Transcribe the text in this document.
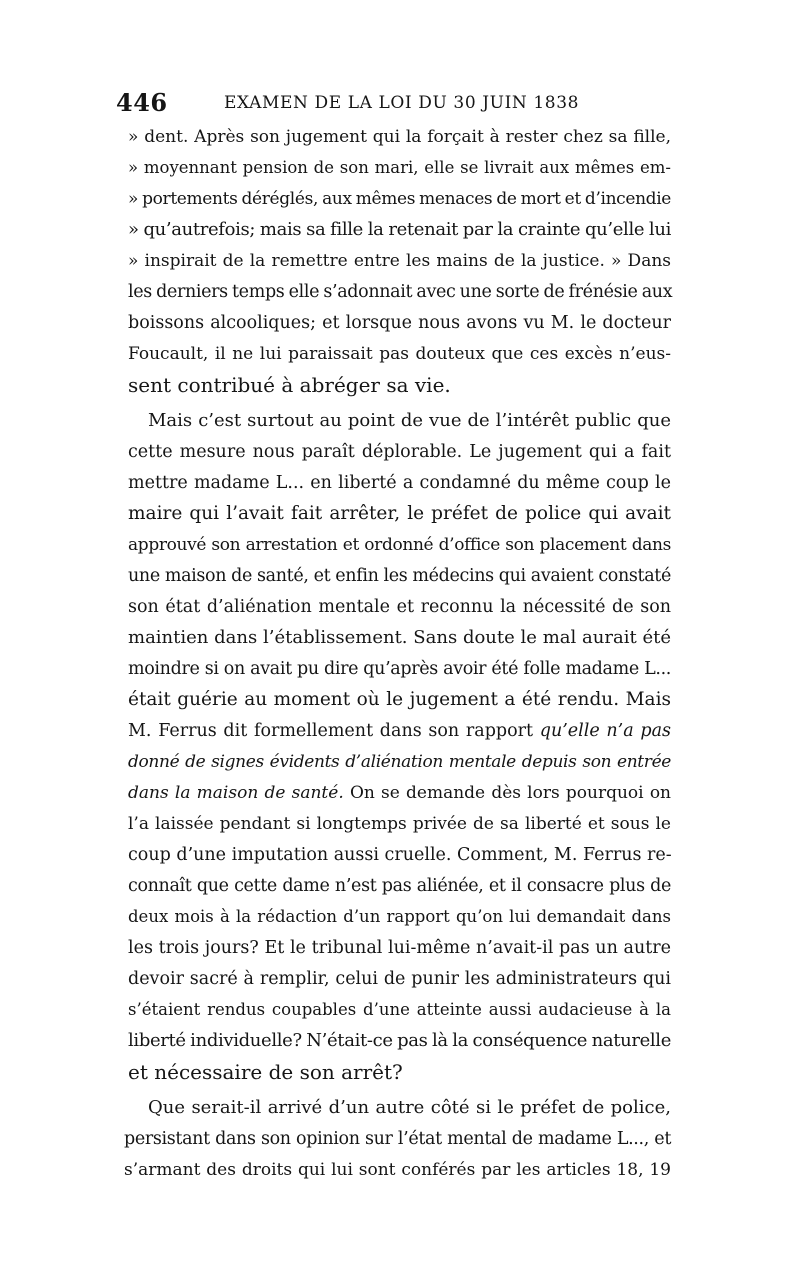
446	EXAMEN DE LA LOI DU 30 JUIN 1838
» dent. Après son jugement qui la forçait à rester chez sa fille,
» moyennant pension de son mari, elle se livrait aux mêmes em-
» portements déréglés, aux mêmes menaces de mort et d’incendie
» qu’autrefois; mais sa fille la retenait par la crainte qu’elle lui
» inspirait de la remettre entre les mains de la justice. » Dans
les derniers temps elle s’adonnait avec une sorte de frénésie aux
boissons alcooliques; et lorsque nous avons vu M. le docteur
Foucault, il ne lui paraissait pas douteux que ces excès n’eus-
sent contribué à abréger sa vie.
Mais c’est surtout au point de vue de l’intérêt public que
cette mesure nous paraît déplorable. Le jugement qui a fait
mettre madame L... en liberté a condamné du même coup le
maire qui l’avait fait arrêter, le préfet de police qui avait
approuvé son arrestation et ordonné d’office son placement dans
une maison de santé, et enfin les médecins qui avaient constaté
son état d’aliénation mentale et reconnu la nécessité de son
maintien dans l’établissement. Sans doute le mal aurait été
moindre si on avait pu dire qu’après avoir été folle madame L...
était guérie au moment où le jugement a été rendu. Mais
M. Ferrus dit formellement dans son rapport qu’elle n’a pas
donné de signes évidents d’aliénation mentale depuis son entrée
dans la maison de santé. On se demande dès lors pourquoi on
l’a laissée pendant si longtemps privée de sa liberté et sous le
coup d’une imputation aussi cruelle. Comment, M. Ferrus re-
connaît que cette dame n’est pas aliénée, et il consacre plus de
deux mois à la rédaction d’un rapport qu’on lui demandait dans
les trois jours? Et le tribunal lui-même n’avait-il pas un autre
devoir sacré à remplir, celui de punir les administrateurs qui
s’étaient rendus coupables d’une atteinte aussi audacieuse à la
liberté individuelle? N’était-ce pas là la conséquence naturelle
et nécessaire de son arrêt?
Que serait-il arrivé d’un autre côté si le préfet de police,
persistant dans son opinion sur l’état mental de madame L..., et
s’armant des droits qui lui sont conférés par les articles 18, 19
